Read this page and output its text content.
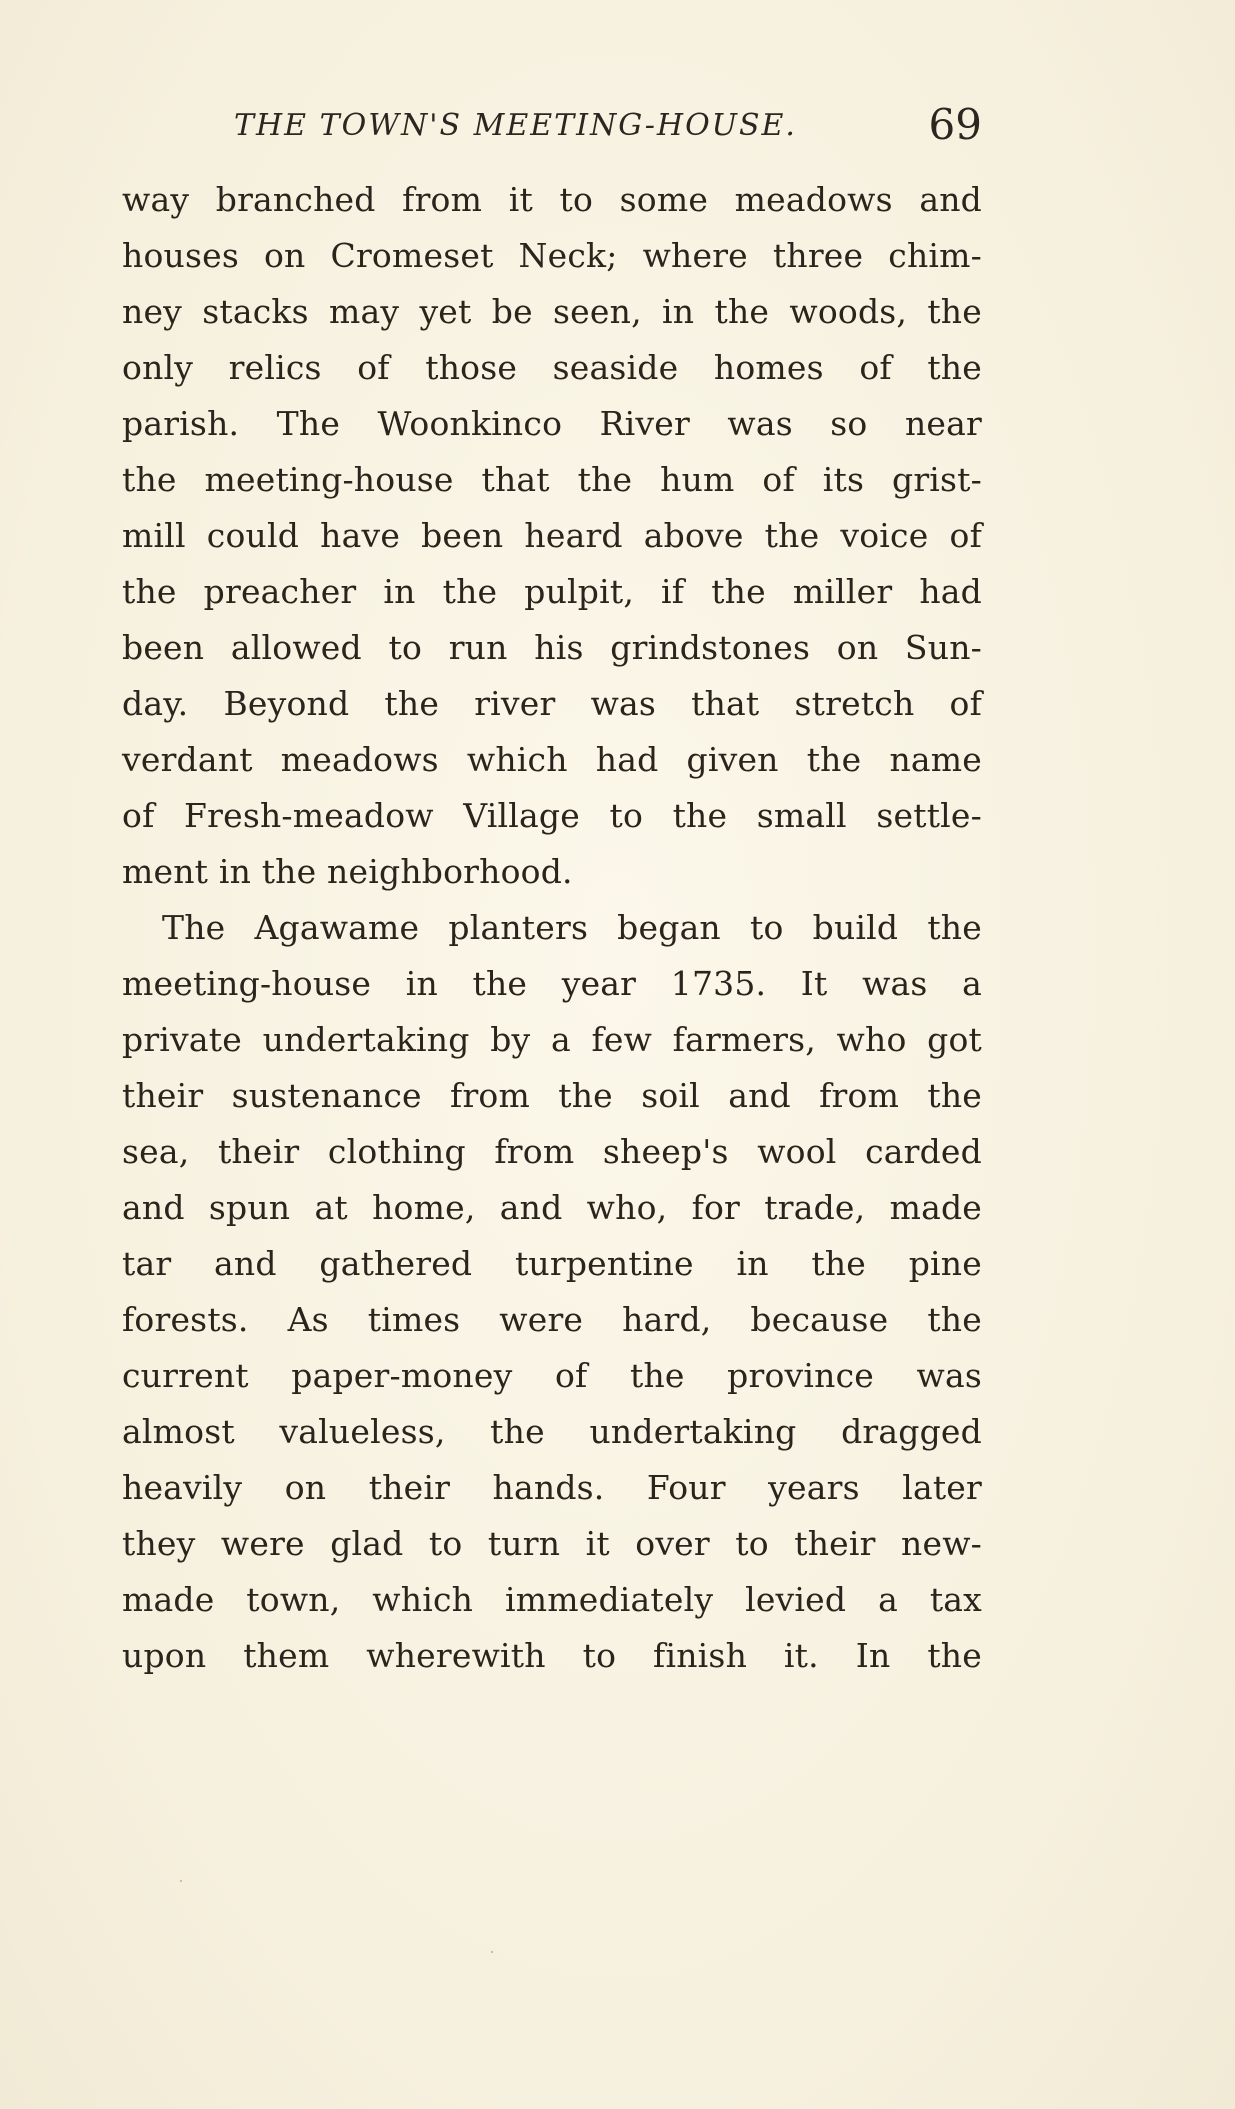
THE TOWN'S MEETING-HOUSE.	69
way branched from it to some meadows and
houses on Cromeset Neck; where three chim-
ney stacks may yet be seen, in the woods, the
only relics of those seaside homes of the
parish. The Woonkinco River was so near
the meeting-house that the hum of its grist-
mill could have been heard above the voice of
the preacher in the pulpit, if the miller had
been allowed to run his grindstones on Sun-
day. Beyond the river was that stretch of
verdant meadows which had given the name
of Fresh-meadow Village to the small settle-
ment in the neighborhood.
The Agawame planters began to build the
meeting-house in the year 1735. It was a
private undertaking by a few farmers, who got
their sustenance from the soil and from the
sea, their clothing from sheep's wool carded
and spun at home, and who, for trade, made
tar and gathered turpentine in the pine
forests. As times were hard, because the
current paper-money of the province was
almost valueless, the undertaking dragged
heavily on their hands. Four years later
they were glad to turn it over to their new-
made town, which immediately levied a tax
upon them wherewith to finish it. In the
